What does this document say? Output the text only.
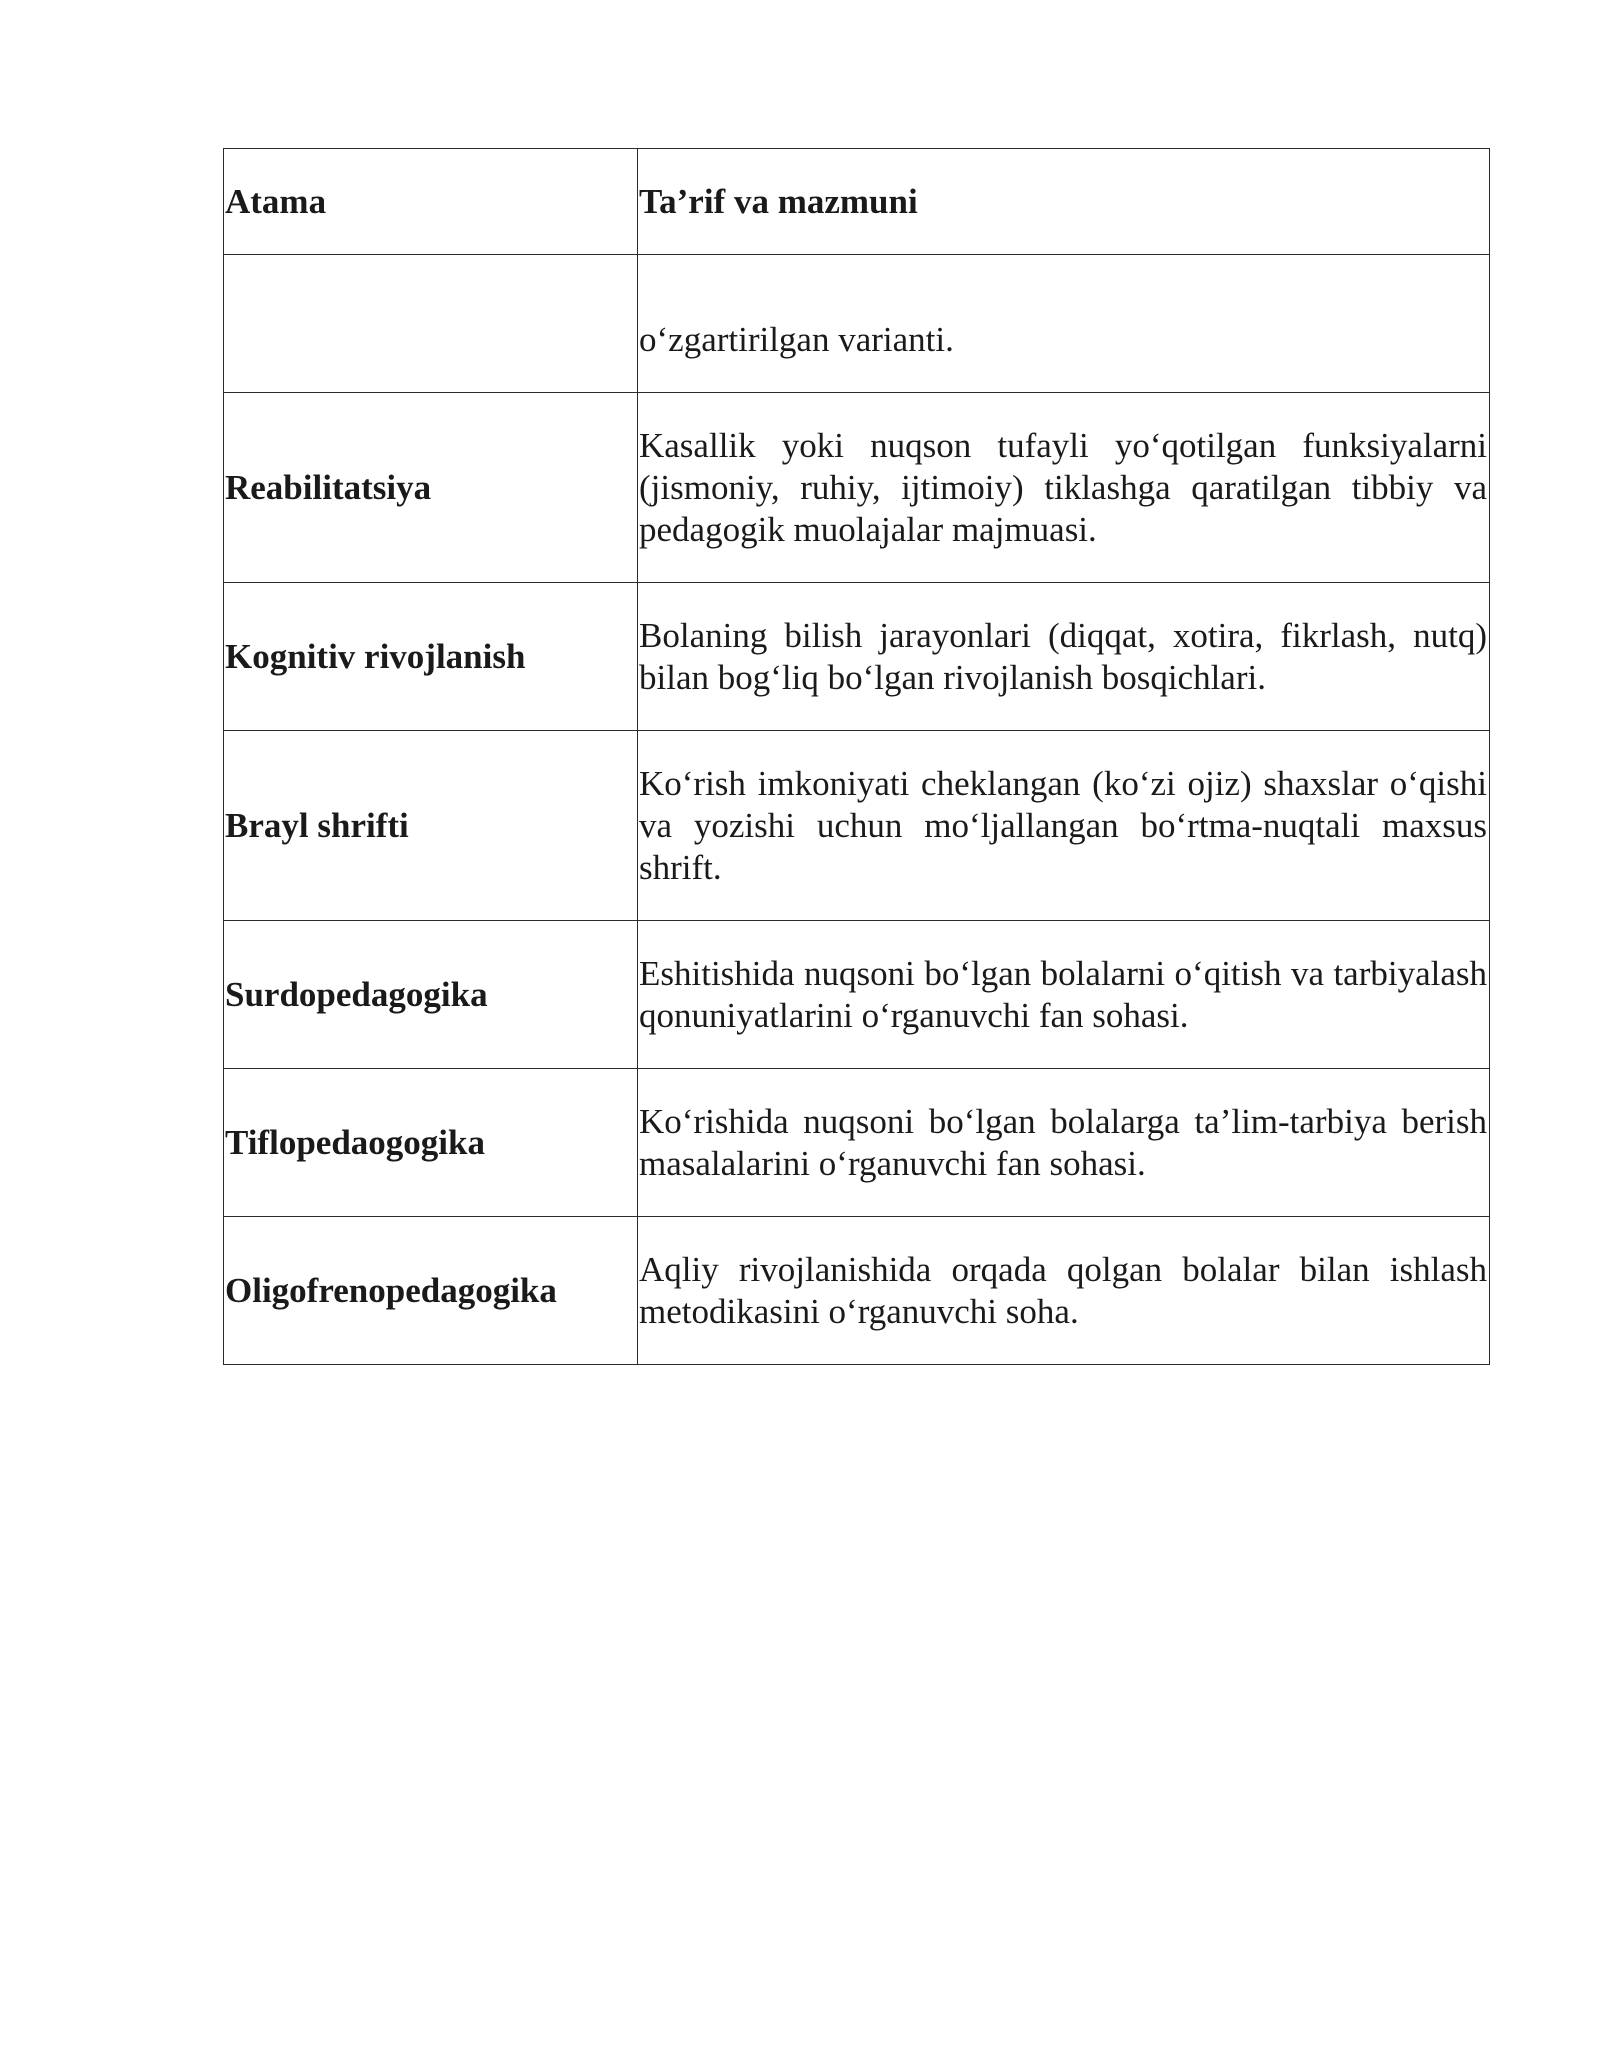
Atama	Ta’rif va mazmuni
	o‘zgartirilgan varianti.
Reabilitatsiya	Kasallik yoki nuqson tufayli yo‘qotilgan funksiyalarni (jismoniy, ruhiy, ijtimoiy) tiklashga qaratilgan tibbiy va pedagogik muolajalar majmuasi.
Kognitiv rivojlanish	Bolaning bilish jarayonlari (diqqat, xotira, fikrlash, nutq) bilan bog‘liq bo‘lgan rivojlanish bosqichlari.
Brayl shrifti	Ko‘rish imkoniyati cheklangan (ko‘zi ojiz) shaxslar o‘qishi va yozishi uchun mo‘ljallangan bo‘rtma-nuqtali maxsus shrift.
Surdopedagogika	Eshitishida nuqsoni bo‘lgan bolalarni o‘qitish va tarbiyalash qonuniyatlarini o‘rganuvchi fan sohasi.
Tiflopedaogogika	Ko‘rishida nuqsoni bo‘lgan bolalarga ta’lim-tarbiya berish masalalarini o‘rganuvchi fan sohasi.
Oligofrenopedagogika	Aqliy rivojlanishida orqada qolgan bolalar bilan ishlash metodikasini o‘rganuvchi soha.
